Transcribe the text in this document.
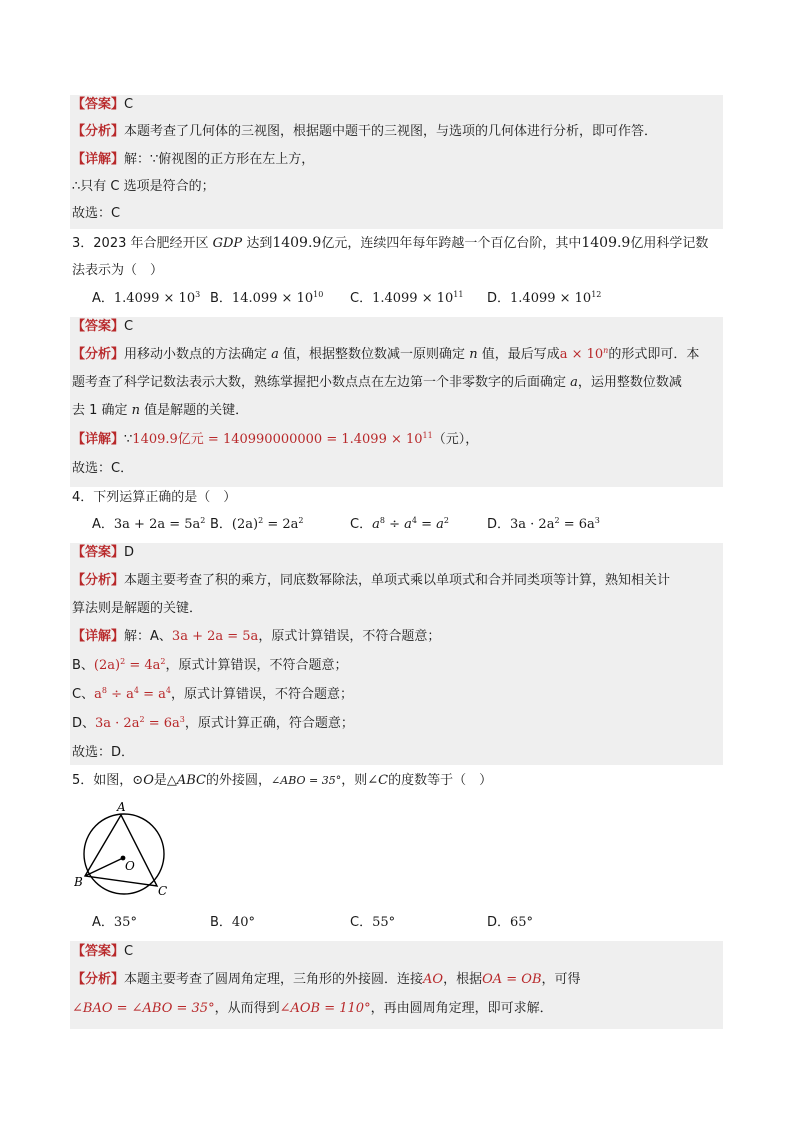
【答案】C
【分析】本题考查了几何体的三视图，根据题中题干的三视图，与选项的几何体进行分析，即可作答．
【详解】解：∵俯视图的正方形在左上方，
∴只有 C 选项是符合的；
故选：C
3．2023 年合肥经开区 GDP 达到1409.9亿元，连续四年每年跨越一个百亿台阶，其中1409.9亿用科学记数
法表示为（　）
A．$1.4099 \times 10^3$ B．$14.099 \times 10^{10}$ C．$1.4099 \times 10^{11}$ D．$1.4099 \times 10^{12}$
【答案】C
【分析】用移动小数点的方法确定 a 值，根据整数位数减一原则确定 n 值，最后写成$a \times 10^n$的形式即可．本
题考查了科学记数法表示大数，熟练掌握把小数点点在左边第一个非零数字的后面确定 a，运用整数位数减
去 1 确定 n 值是解题的关键．
【详解】∵1409.9亿元 = $140990000000 = 1.4099 \times 10^{11}$（元），
故选：C．
4．下列运算正确的是（　）
A．$3a + 2a = 5a^2$ B．$(2a)^2 = 2a^2$	C．$a^8 \div a^4 = a^2$	D．$3a \cdot 2a^2 = 6a^3$
【答案】D
【分析】本题主要考查了积的乘方，同底数幂除法，单项式乘以单项式和合并同类项等计算，熟知相关计
算法则是解题的关键．
【详解】解：A、3a + 2a = 5a，原式计算错误，不符合题意；
B、$(2a)^2 = 4a^2$，原式计算错误，不符合题意；
C、$a^8 \div a^4 = a^4$，原式计算错误，不符合题意；
D、$3a \cdot 2a^2 = 6a^3$，原式计算正确，符合题意；
故选：D．
5．如图，⊙O是△ABC的外接圆，∠ABO = 35°，则∠C的度数等于（　）
A
O
B
C
A．35°	B．40°	C．55°	D．65°
【答案】C
【分析】本题主要考查了圆周角定理，三角形的外接圆．连接AO，根据OA = OB，可得
∠BAO = ∠ABO = 35°，从而得到∠AOB = 110°，再由圆周角定理，即可求解．
